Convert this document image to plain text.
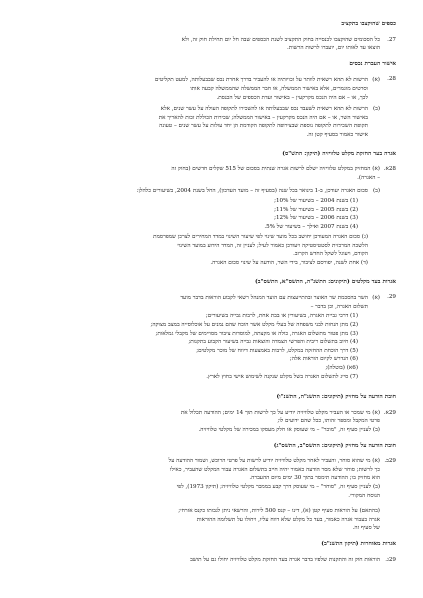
כספים שהוקצבו בתקציב
27.
כל הסכומים שהוקצבו לכנסייה בחוק התקציב לשנת הכספים שבה חל יום תחילת חוק זה, ולא
הוצאו עד לאותו יום, יועברו לרשות הרשות.
אישור העברת נכסים
28.
(א)
הרשות לא תהא רשאית לוותר על זכויותיה או להעביר בדרך אחרת נכס שבבעלותה, למעט תקליטים
וסרטים מוגמרים, אלא באישור הממשלה, או חבר הממשלה שהממשלה קבעה אותו
לכך, או – אם היה הנכס מקרקעין – באישור ועדת הכספים של הכנסת.
(ב)
הרשות לא תהא רשאית לשעבד נכס שבבעלותה או להשכירו לתקופה העולה על עשר שנים, אלא
באישור השר, או – אם היה הנכס מקרקעין – באישור הממשלה; שכירות הכוללת זכות להאריך את
תקופת השכירות לתקופה נוספת שבצירופה לתקופה הקודמת הן יחד עולות על עשר שנים – טעונה
אישור כאמור בסעיף קטן זה.
אגרה בעד החזקת מקלט טלוויזיה (תיקון: התש"ס)
28א.
(א) המחזיק במקלט טלוויזיה ישלם לרשות אגרה שנתית בסכום של 515 שקלים חדשים (בחוק זה
– האגרה).
(ב)
סכום האגרה יעודכן, ב-1 בינואר בכל שנה (בסעיף זה – מועד העדכון), החל בשנת 2004, בשיעורים כלהלן:
(1) בשנת 2004 – בשיעור של 10%;
(2) בשנת 2005 – בשיעור של 11%;
(3) בשנת 2006 – בשיעור של 12%;
(4) בשנת 2007 ואילך – בשיעור של 5%.
(ג) סכום האגרה המעודכן יחושב בכל מועד שינוי לפי שיעור השינוי במדד המחירים לצרכן שמפרסמת
הלשכה המרכזית לסטטיסטיקה ויעודכן כאמור לעיל; לעניין זה, המדד הידוע במועד השינוי
הקודם, ויעוגל לשקל החדש הקרוב.
(ד) אחת לשנה, יפורסם לציבור, בידי השר, הודעה על שינוי סכום האגרה.
אגרות בעד מקלטים (תיקונים: התשנ"ה, התשס"א, התשס"ב)
29.
(א)
השר בהסכמת שר האוצר ובהתייעצות עם הועד המנהל רשאי לקבוע הוראות בדבר מועד
תשלום האגרה, וכן בדבר –
(1) דרכי גביית האגרה, בשיעורין או בבת אחת, לרבות גבייה בשיעורים;
(2) מתן הנחות לבני משפחה של בעלי מקלט אשר הוכח שהם נמנים על אוכלוסייה במצב מצוקה;
(3) מתן פטור מתשלום האגרה, כולה או מקצתה, למוסדות ציבור מסויימים של מקבלי גמלאות;
(4) חיוב בתשלום ריבית והפרשי הצמדה והוצאות גבייה בשיעור הקבוע בתקנות;
(5) דרך הוכחת ההחזקה במקלט, לרבות באמצעות דיווח של מוכר מקלטים;
(6) הנדרש לקיום הוראות אלה;
(6א) (בוטלה);
(7) סייג לתשלום האגרה בשל מקלט שנקנה לשימוש אישי בחוץ לארץ.
חובת הודעה על מחזיק (תיקונים: התשנ"ה, התשנ"ו)
29א.
(א) מי שמכר או העביר מקלט טלוויזיה יודיע על כך לרשות תוך 14 ימים; ההודעה תכלול את
פרטי המקבל ומספר זהותו, ככל שהם ידועים לו;
(ב) לעניין סעיף זה, "מוכר" – מי שעוסק או חלק מעסקו במכירה של מקלטי טלוויזיה.
חובת הודעה על מחזיק (תיקונים: התשס"ב, התשס"ג)
29ב.
(א) מי שהוא סוחר, והעביר לאחר מקלט טלוויזיה יודיע לרשות על פרטי הרוכש, ושמור ההודעה על
כך לרשות; סוחר שלא מסר הודעה כאמור יהיה חייב בתשלום האגרה עבור המקלט שהעביר, כאילו
הוא מחזיק בו; ההודעה תימסר בתוך 30 ימים מיום ההעברה.
(ב) לעניין סעיף זה, "סוחר" – מי שעוסק דרך קבע בממכר מקלטי טלוויזיה; (תיקון 1973), לפי
הנוסח המקורי.
(בהתאם) על הוראות סעיף קטן (א), דינו – קנס 500 לירות, והרשאי ניתן לגבותו כקנס אזרחי;
אגרה בעבור אגרה כאמור, בעד כל מקלט שלא דווח עליו, ויחולו על תשלומה ההוראות
של סעיף זה.
אגרות מאוחרות (תיקון התשנ"ב)
29ג.
הוראות חוק זה והתקנות שלפיו בדבר אגרה בעד החזקת מקלט טלוויזיה יחולו גם על תושב
